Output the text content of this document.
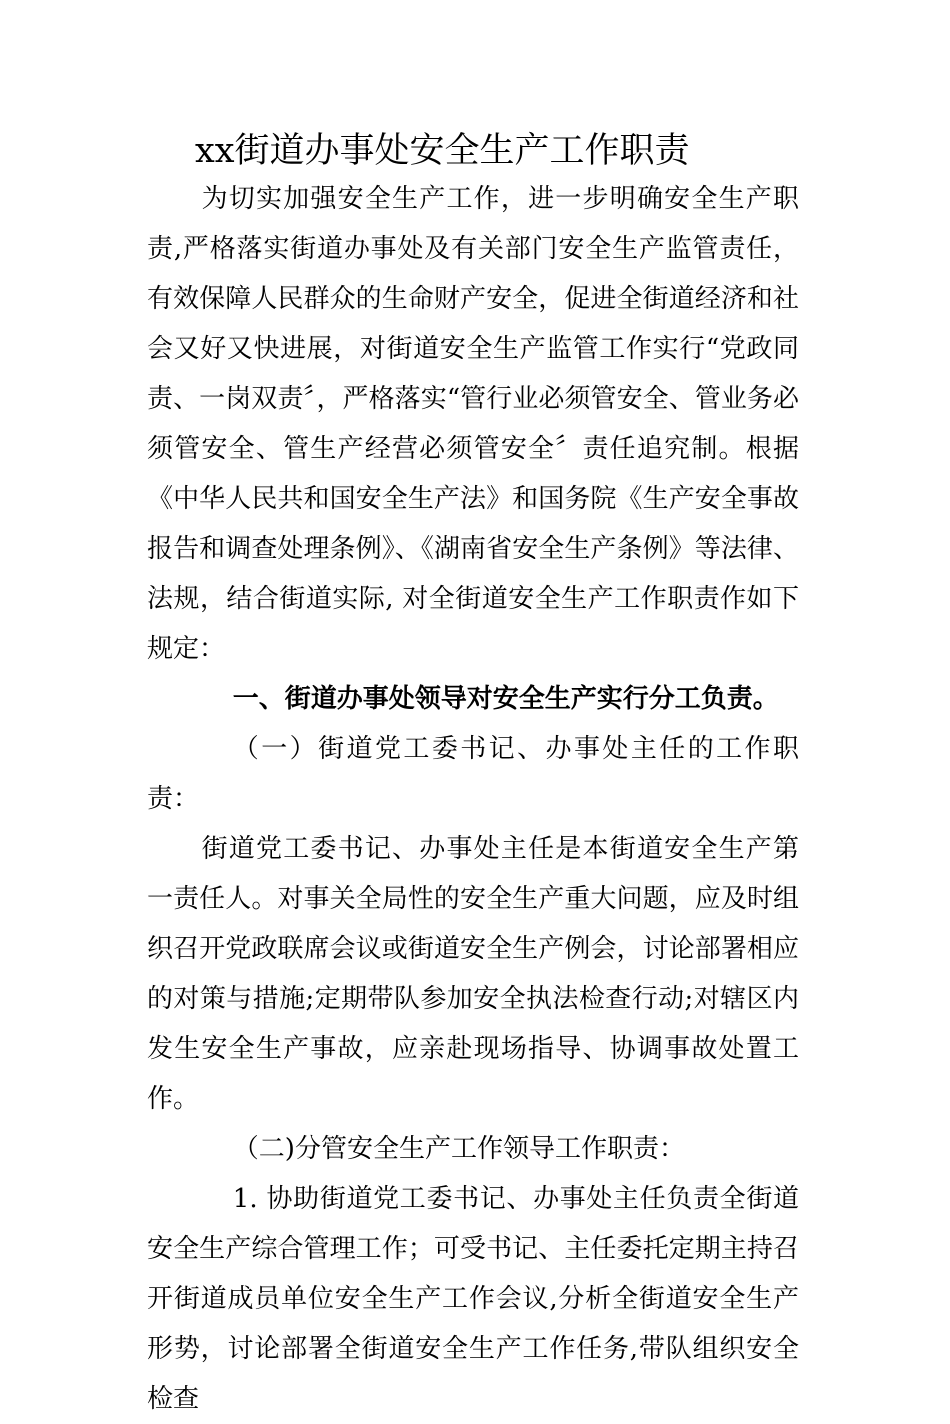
xx街道办事处安全生产工作职责

为切实加强安全生产工作，进一步明确安全生产职责,严格落实街道办事处及有关部门安全生产监管责任，有效保障人民群众的生命财产安全，促进全街道经济和社会又好又快进展，对街道安全生产监管工作实行“党政同责、一岗双责〞，严格落实“管行业必须管安全、管业务必须管安全、管生产经营必须管安全〞责任追究制。根据《中华人民共和国安全生产法》和国务院《生产安全事故报告和调查处理条例》、《湖南省安全生产条例》等法律、法规，结合街道实际, 对全街道安全生产工作职责作如下规定：

一、街道办事处领导对安全生产实行分工负责。

（一）街道党工委书记、办事处主任的工作职责：

街道党工委书记、办事处主任是本街道安全生产第一责任人。对事关全局性的安全生产重大问题，应及时组织召开党政联席会议或街道安全生产例会，讨论部署相应的对策与措施;定期带队参加安全执法检查行动;对辖区内发生安全生产事故，应亲赴现场指导、协调事故处置工作。

（二)分管安全生产工作领导工作职责：

1. 协助街道党工委书记、办事处主任负责全街道安全生产综合管理工作；可受书记、主任委托定期主持召开街道成员单位安全生产工作会议,分析全街道安全生产形势，讨论部署全街道安全生产工作任务,带队组织安全检查
